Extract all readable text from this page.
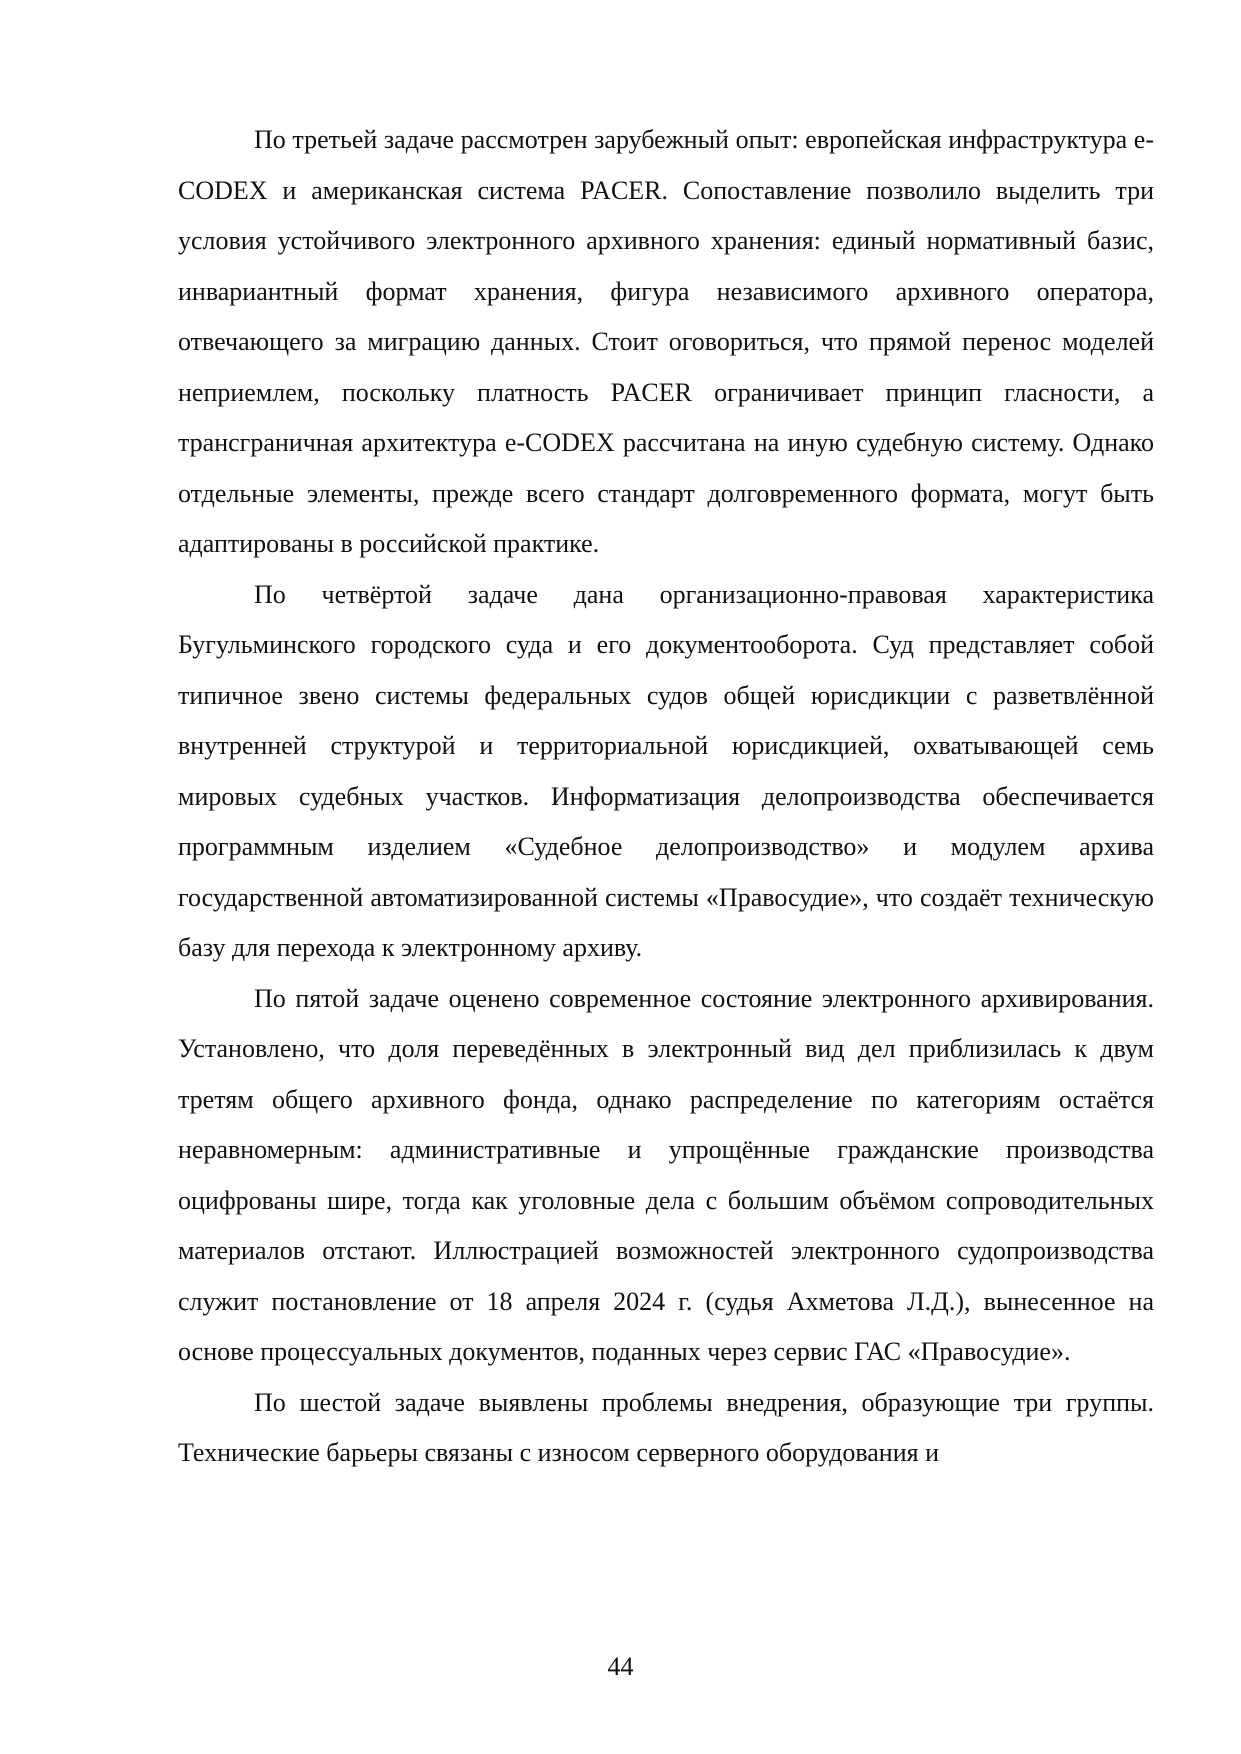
По третьей задаче рассмотрен зарубежный опыт: европейская инфраструктура e-CODEX и американская система PACER. Сопоставление позволило выделить три условия устойчивого электронного архивного хранения: единый нормативный базис, инвариантный формат хранения, фигура независимого архивного оператора, отвечающего за миграцию данных. Стоит оговориться, что прямой перенос моделей неприемлем, поскольку платность PACER ограничивает принцип гласности, а трансграничная архитектура e-CODEX рассчитана на иную судебную систему. Однако отдельные элементы, прежде всего стандарт долговременного формата, могут быть адаптированы в российской практике.

По четвёртой задаче дана организационно-правовая характеристика Бугульминского городского суда и его документооборота. Суд представляет собой типичное звено системы федеральных судов общей юрисдикции с разветвлённой внутренней структурой и территориальной юрисдикцией, охватывающей семь мировых судебных участков. Информатизация делопроизводства обеспечивается программным изделием «Судебное делопроизводство» и модулем архива государственной автоматизированной системы «Правосудие», что создаёт техническую базу для перехода к электронному архиву.

По пятой задаче оценено современное состояние электронного архивирования. Установлено, что доля переведённых в электронный вид дел приблизилась к двум третям общего архивного фонда, однако распределение по категориям остаётся неравномерным: административные и упрощённые гражданские производства оцифрованы шире, тогда как уголовные дела с большим объёмом сопроводительных материалов отстают. Иллюстрацией возможностей электронного судопроизводства служит постановление от 18 апреля 2024 г. (судья Ахметова Л.Д.), вынесенное на основе процессуальных документов, поданных через сервис ГАС «Правосудие».

По шестой задаче выявлены проблемы внедрения, образующие три группы. Технические барьеры связаны с износом серверного оборудования и

44
